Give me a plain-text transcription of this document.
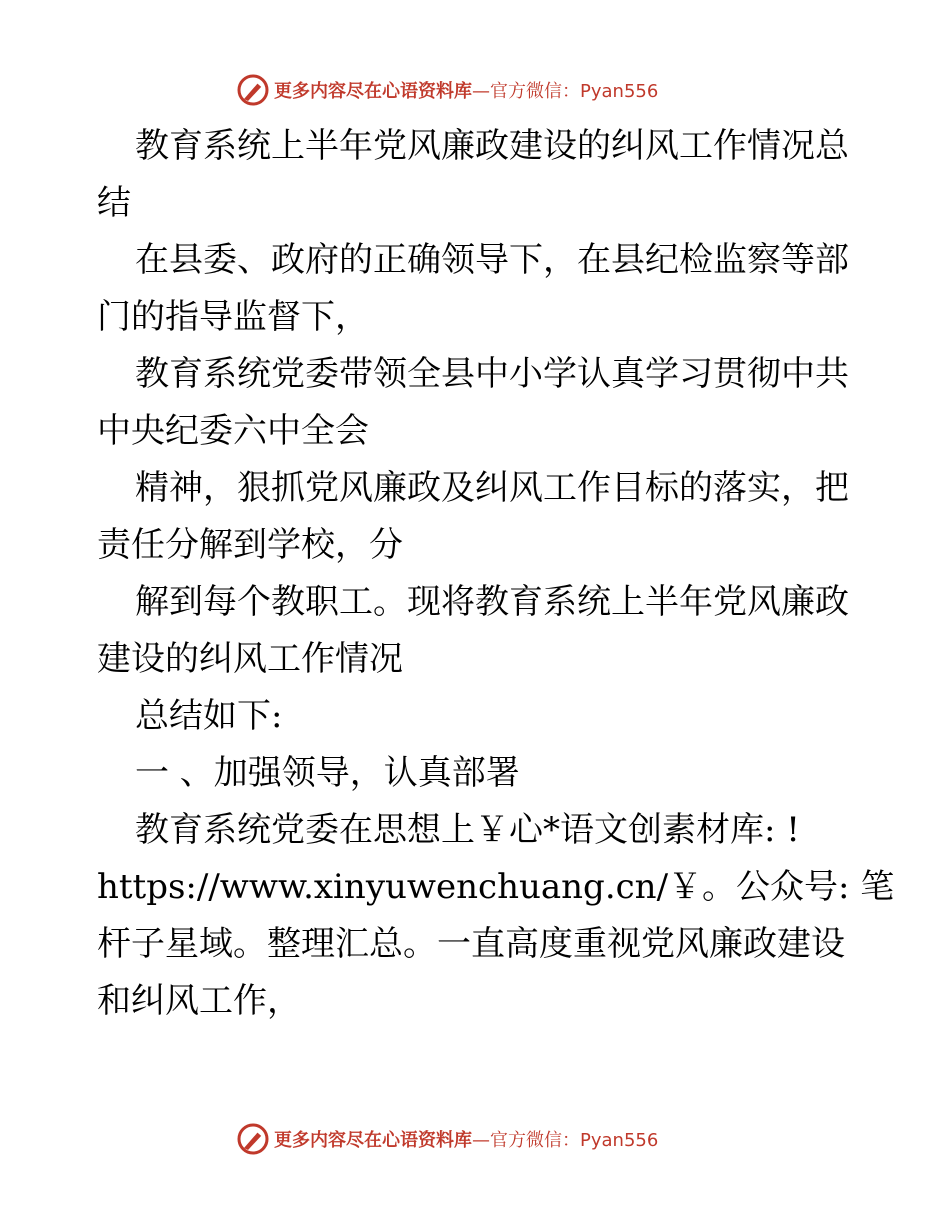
更多内容尽在心语资料库 —官方微信：Pyan556
教育系统上半年党风廉政建设的纠风工作情况总
结
在县委、政府的正确领导下，在县纪检监察等部
门的指导监督下，
教育系统党委带领全县中小学认真学习贯彻中共
中央纪委六中全会
精神，狠抓党风廉政及纠风工作目标的落实，把
责任分解到学校，分
解到每个教职工。现将教育系统上半年党风廉政
建设的纠风工作情况
总结如下:
一 、加强领导，认真部署
教育系统党委在思想上￥心*语文创素材库: !
https://www.xinyuwenchuang.cn/￥。公众号: 笔
杆子星域。整理汇总。一直高度重视党风廉政建设
和纠风工作，
更多内容尽在心语资料库 —官方微信：Pyan556
